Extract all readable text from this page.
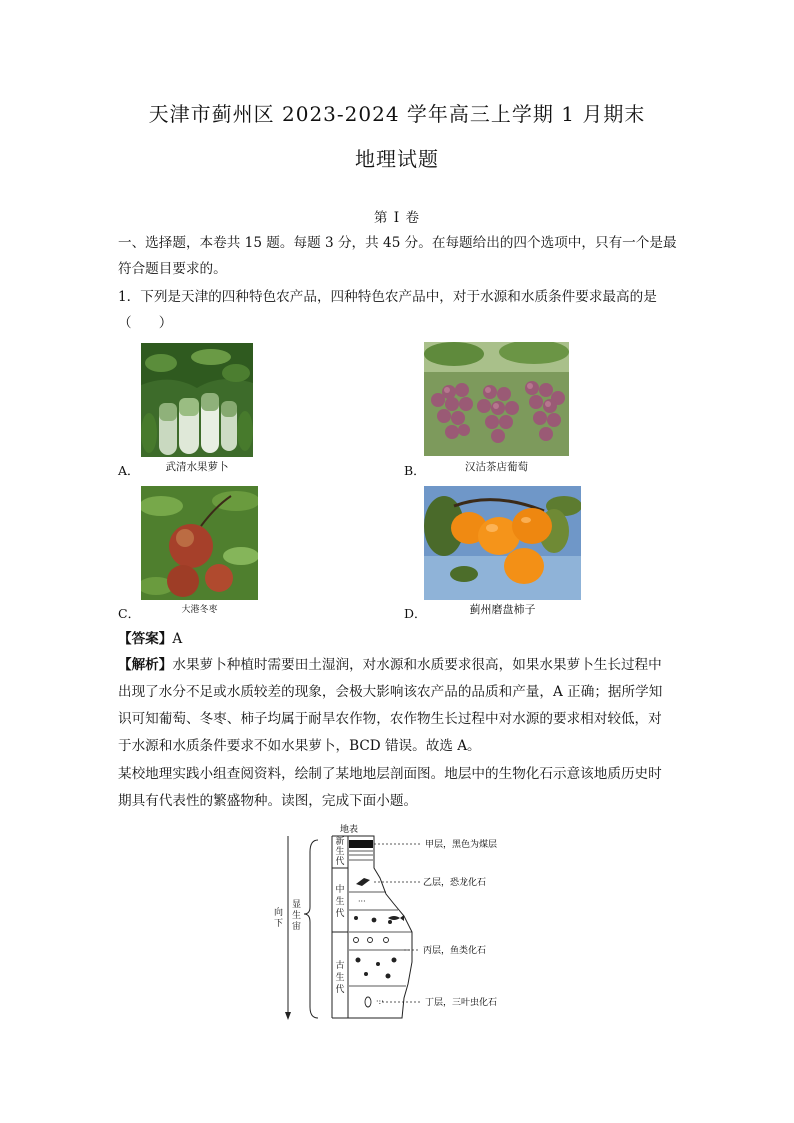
天津市蓟州区 2023-2024 学年高三上学期 1 月期末
地理试题
第 I 卷
一、选择题，本卷共 15 题。每题 3 分，共 45 分。在每题给出的四个选项中，只有一个是最
符合题目要求的。
1．下列是天津的四种特色农产品，四种特色农产品中，对于水源和水质条件要求最高的是
（　　）
A．	武清水果萝卜	B．	汉沽茶店葡萄
C．	大港冬枣	D．	蓟州磨盘柿子
【答案】A
【解析】水果萝卜种植时需要田土湿润，对水源和水质要求很高，如果水果萝卜生长过程中
出现了水分不足或水质较差的现象，会极大影响该农产品的品质和产量，A 正确；据所学知
识可知葡萄、冬枣、柿子均属于耐旱农作物，农作物生长过程中对水源的要求相对较低，对
于水源和水质条件要求不如水果萝卜，BCD 错误。故选 A。
某校地理实践小组查阅资料，绘制了某地地层剖面图。地层中的生物化石示意该地质历史时
期具有代表性的繁盛物种。读图，完成下面小题。
···
·:·
地表
甲层，黑色为煤层
乙层，恐龙化石
丙层，鱼类化石
丁层，三叶虫化石
向下
显生宙
新生代
中生代
古生代
